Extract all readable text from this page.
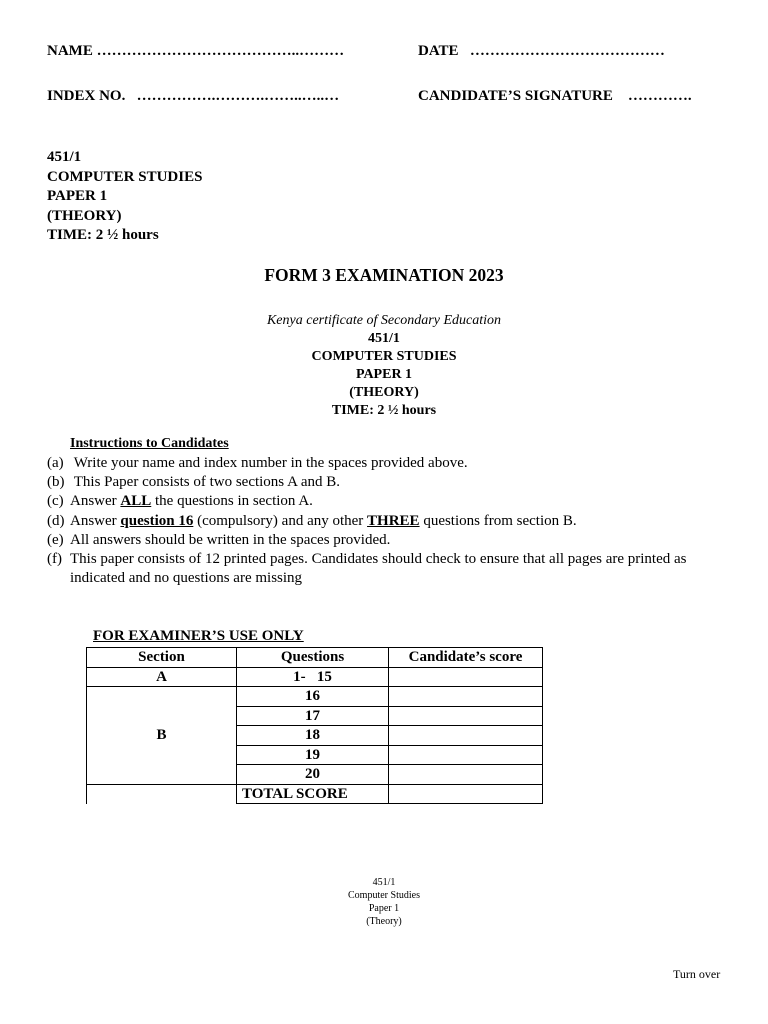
NAME …………………………………..………	DATE …………………………………
INDEX NO. …………….……….……..…..…	CANDIDATE’S SIGNATURE ………….
451/1
COMPUTER STUDIES
PAPER 1
(THEORY)
TIME: 2 ½ hours
FORM 3 EXAMINATION 2023
Kenya certificate of Secondary Education
451/1
COMPUTER STUDIES
PAPER 1
(THEORY)
TIME: 2 ½ hours
Instructions to Candidates
(a) Write your name and index number in the spaces provided above.
(b) This Paper consists of two sections A and B.
(c) Answer ALL the questions in section A.
(d) Answer question 16 (compulsory) and any other THREE questions from section B.
(e) All answers should be written in the spaces provided.
(f) This paper consists of 12 printed pages. Candidates should check to ensure that all pages are printed as indicated and no questions are missing
FOR EXAMINER’S USE ONLY
Section	Questions	Candidate’s score
A	1-   15	
B	16	
	17	
	18	
	19	
	20	
	TOTAL SCORE	
451/1
Computer Studies
Paper 1
(Theory)
Turn over
